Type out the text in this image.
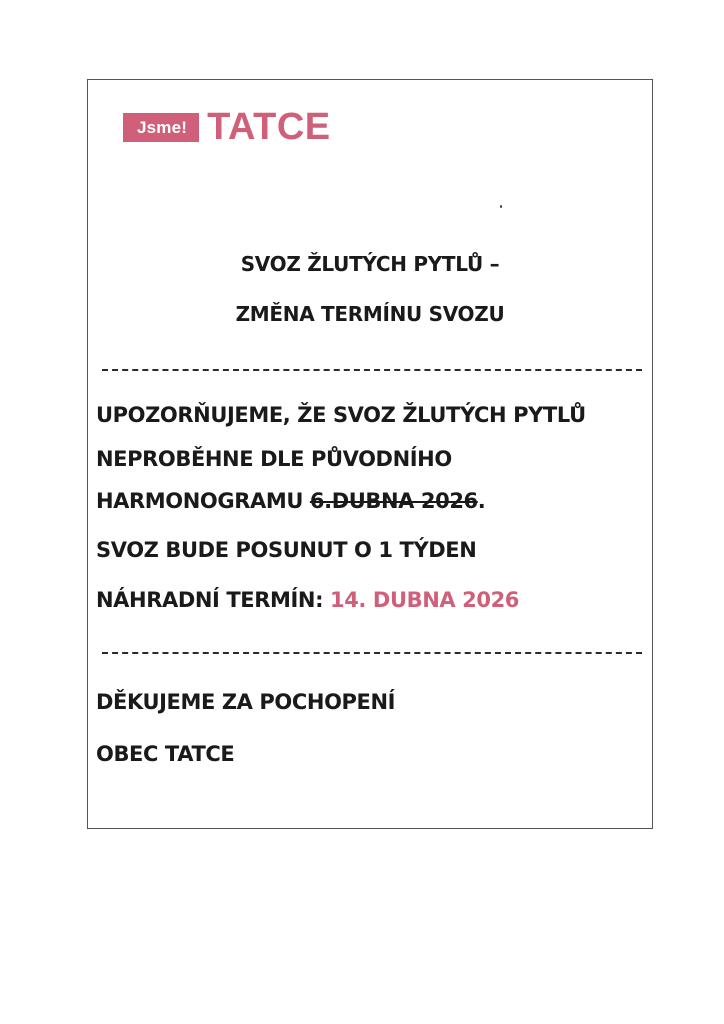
Jsme! TATCE
SVOZ ŽLUTÝCH PYTLŮ –
ZMĚNA TERMÍNU SVOZU
UPOZORŇUJEME, ŽE SVOZ ŽLUTÝCH PYTLŮ
NEPROBĚHNE DLE PŮVODNÍHO
HARMONOGRAMU 6.DUBNA 2026.
SVOZ BUDE POSUNUT O 1 TÝDEN
NÁHRADNÍ TERMÍN: 14. DUBNA 2026
DĚKUJEME ZA POCHOPENÍ
OBEC TATCE
